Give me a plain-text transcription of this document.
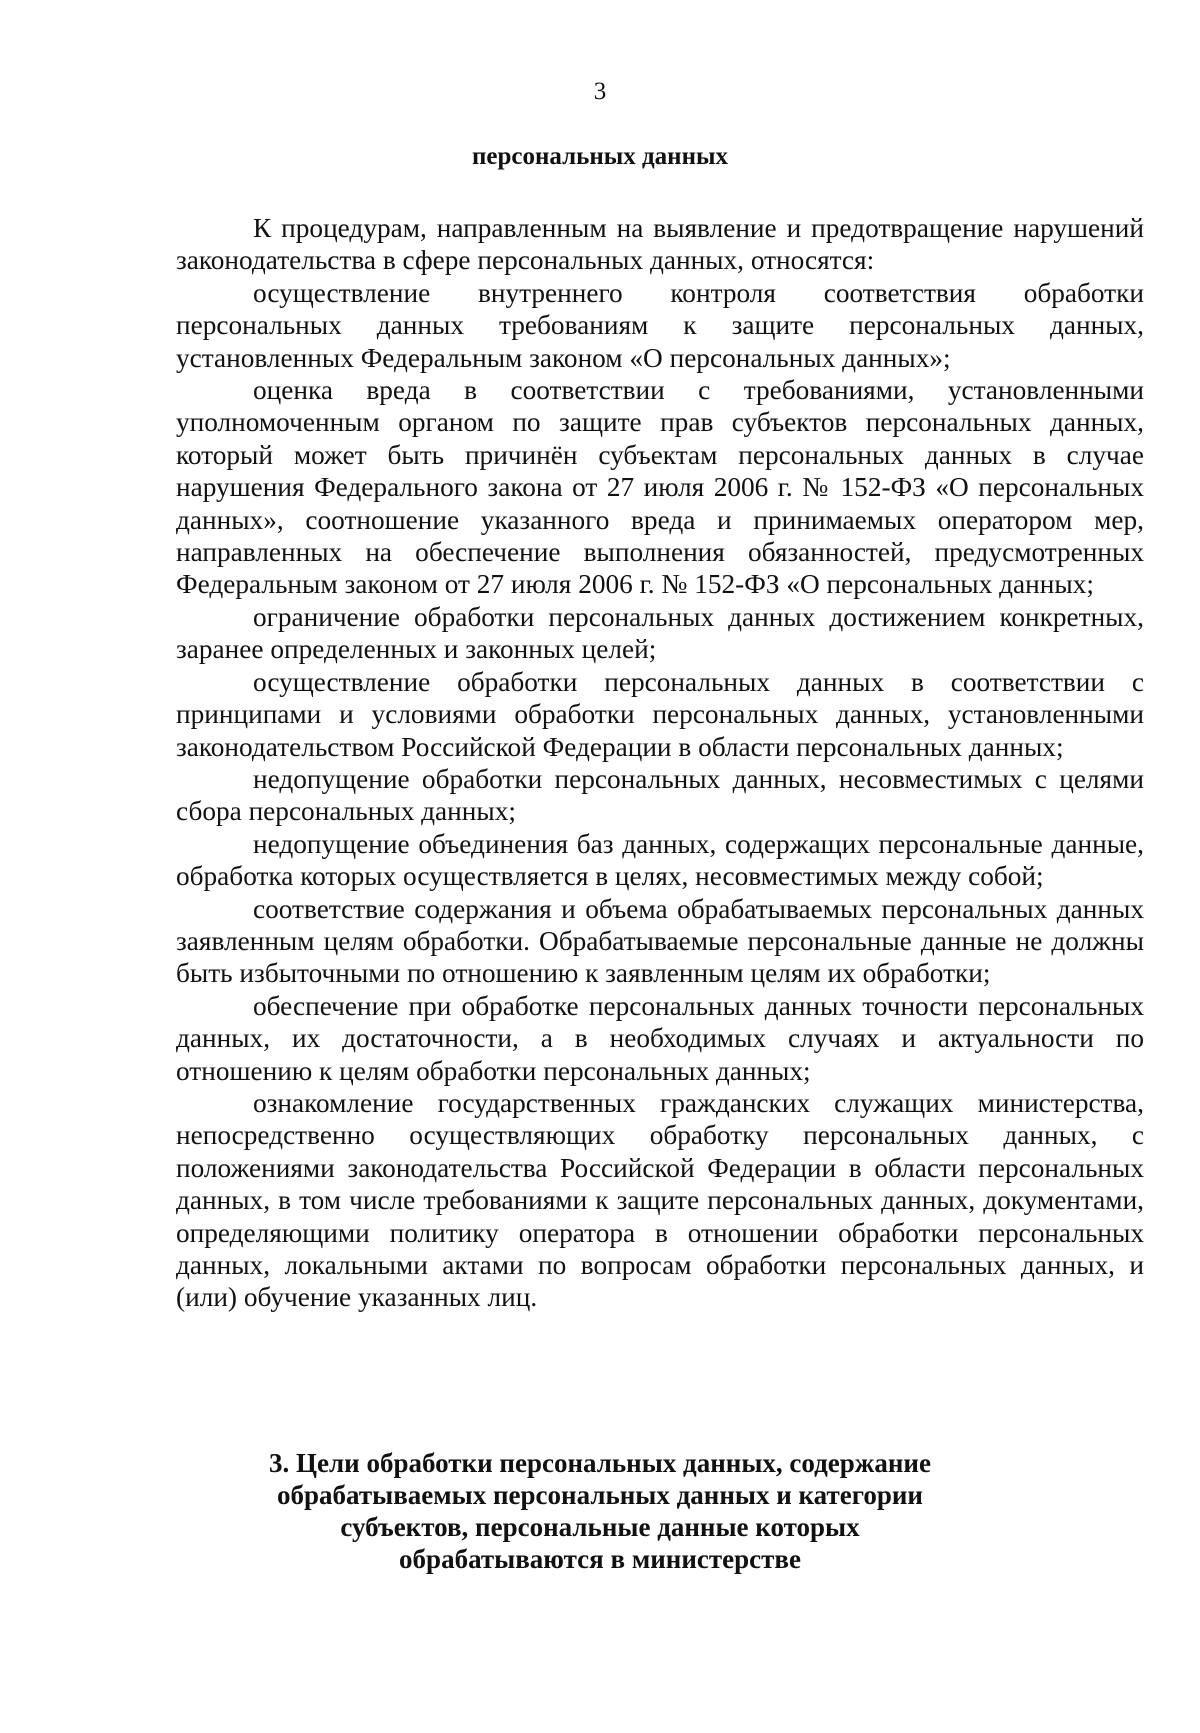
3
персональных данных

К процедурам, направленным на выявление и предотвращение нарушений законодательства в сфере персональных данных, относятся:

осуществление внутреннего контроля соответствия обработки персональных данных требованиям к защите персональных данных, установленных Федеральным законом «О персональных данных»;

оценка вреда в соответствии с требованиями, установленными уполномоченным органом по защите прав субъектов персональных данных, который может быть причинён субъектам персональных данных в случае нарушения Федерального закона от 27 июля 2006 г. № 152-ФЗ «О персональных данных», соотношение указанного вреда и принимаемых оператором мер, направленных на обеспечение выполнения обязанностей, предусмотренных Федеральным законом от 27 июля 2006 г. № 152-ФЗ «О персональных данных;

ограничение обработки персональных данных достижением конкретных, заранее определенных и законных целей;

осуществление обработки персональных данных в соответствии с принципами и условиями обработки персональных данных, установленными законодательством Российской Федерации в области персональных данных;

недопущение обработки персональных данных, несовместимых с целями сбора персональных данных;

недопущение объединения баз данных, содержащих персональные данные, обработка которых осуществляется в целях, несовместимых между собой;

соответствие содержания и объема обрабатываемых персональных данных заявленным целям обработки. Обрабатываемые персональные данные не должны быть избыточными по отношению к заявленным целям их обработки;

обеспечение при обработке персональных данных точности персональных данных, их достаточности, а в необходимых случаях и актуальности по отношению к целям обработки персональных данных;

ознакомление государственных гражданских служащих министерства, непосредственно осуществляющих обработку персональных данных, с положениями законодательства Российской Федерации в области персональных данных, в том числе требованиями к защите персональных данных, документами, определяющими политику оператора в отношении обработки персональных данных, локальными актами по вопросам обработки персональных данных, и (или) обучение указанных лиц.

3. Цели обработки персональных данных, содержание
обрабатываемых персональных данных и категории
субъектов, персональные данные которых
обрабатываются в министерстве
